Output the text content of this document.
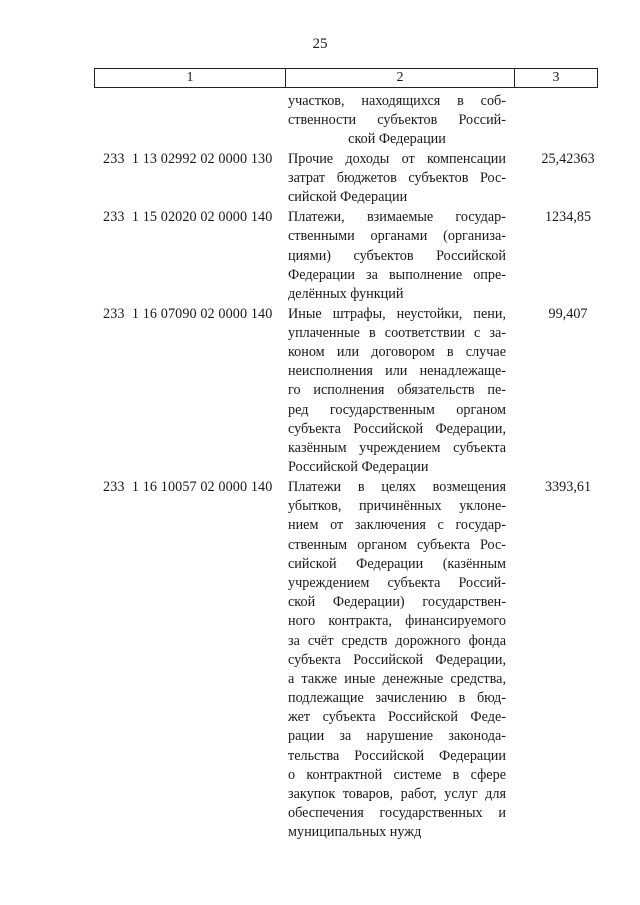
25
1	2	3
участков, находящихся в соб-
ственности субъектов Россий-
ской Федерации
233  1 13 02992 02 0000 130 Прочие доходы от компенсации
затрат бюджетов субъектов Рос-
сийской Федерации
25,42363
233  1 15 02020 02 0000 140 Платежи, взимаемые государ-
ственными органами (организа-
циями) субъектов Российской
Федерации за выполнение опре-
делённых функций
1234,85
233  1 16 07090 02 0000 140 Иные штрафы, неустойки, пени,
уплаченные в соответствии с за-
коном или договором в случае
неисполнения или ненадлежаще-
го исполнения обязательств пе-
ред государственным органом
субъекта Российской Федерации,
казённым учреждением субъекта
Российской Федерации
99,407
233  1 16 10057 02 0000 140 Платежи в целях возмещения
убытков, причинённых уклоне-
нием от заключения с государ-
ственным органом субъекта Рос-
сийской Федерации (казённым
учреждением субъекта Россий-
ской Федерации) государствен-
ного контракта, финансируемого
за счёт средств дорожного фонда
субъекта Российской Федерации,
а также иные денежные средства,
подлежащие зачислению в бюд-
жет субъекта Российской Феде-
рации за нарушение законода-
тельства Российской Федерации
о контрактной системе в сфере
закупок товаров, работ, услуг для
обеспечения государственных и
муниципальных нужд
3393,61
